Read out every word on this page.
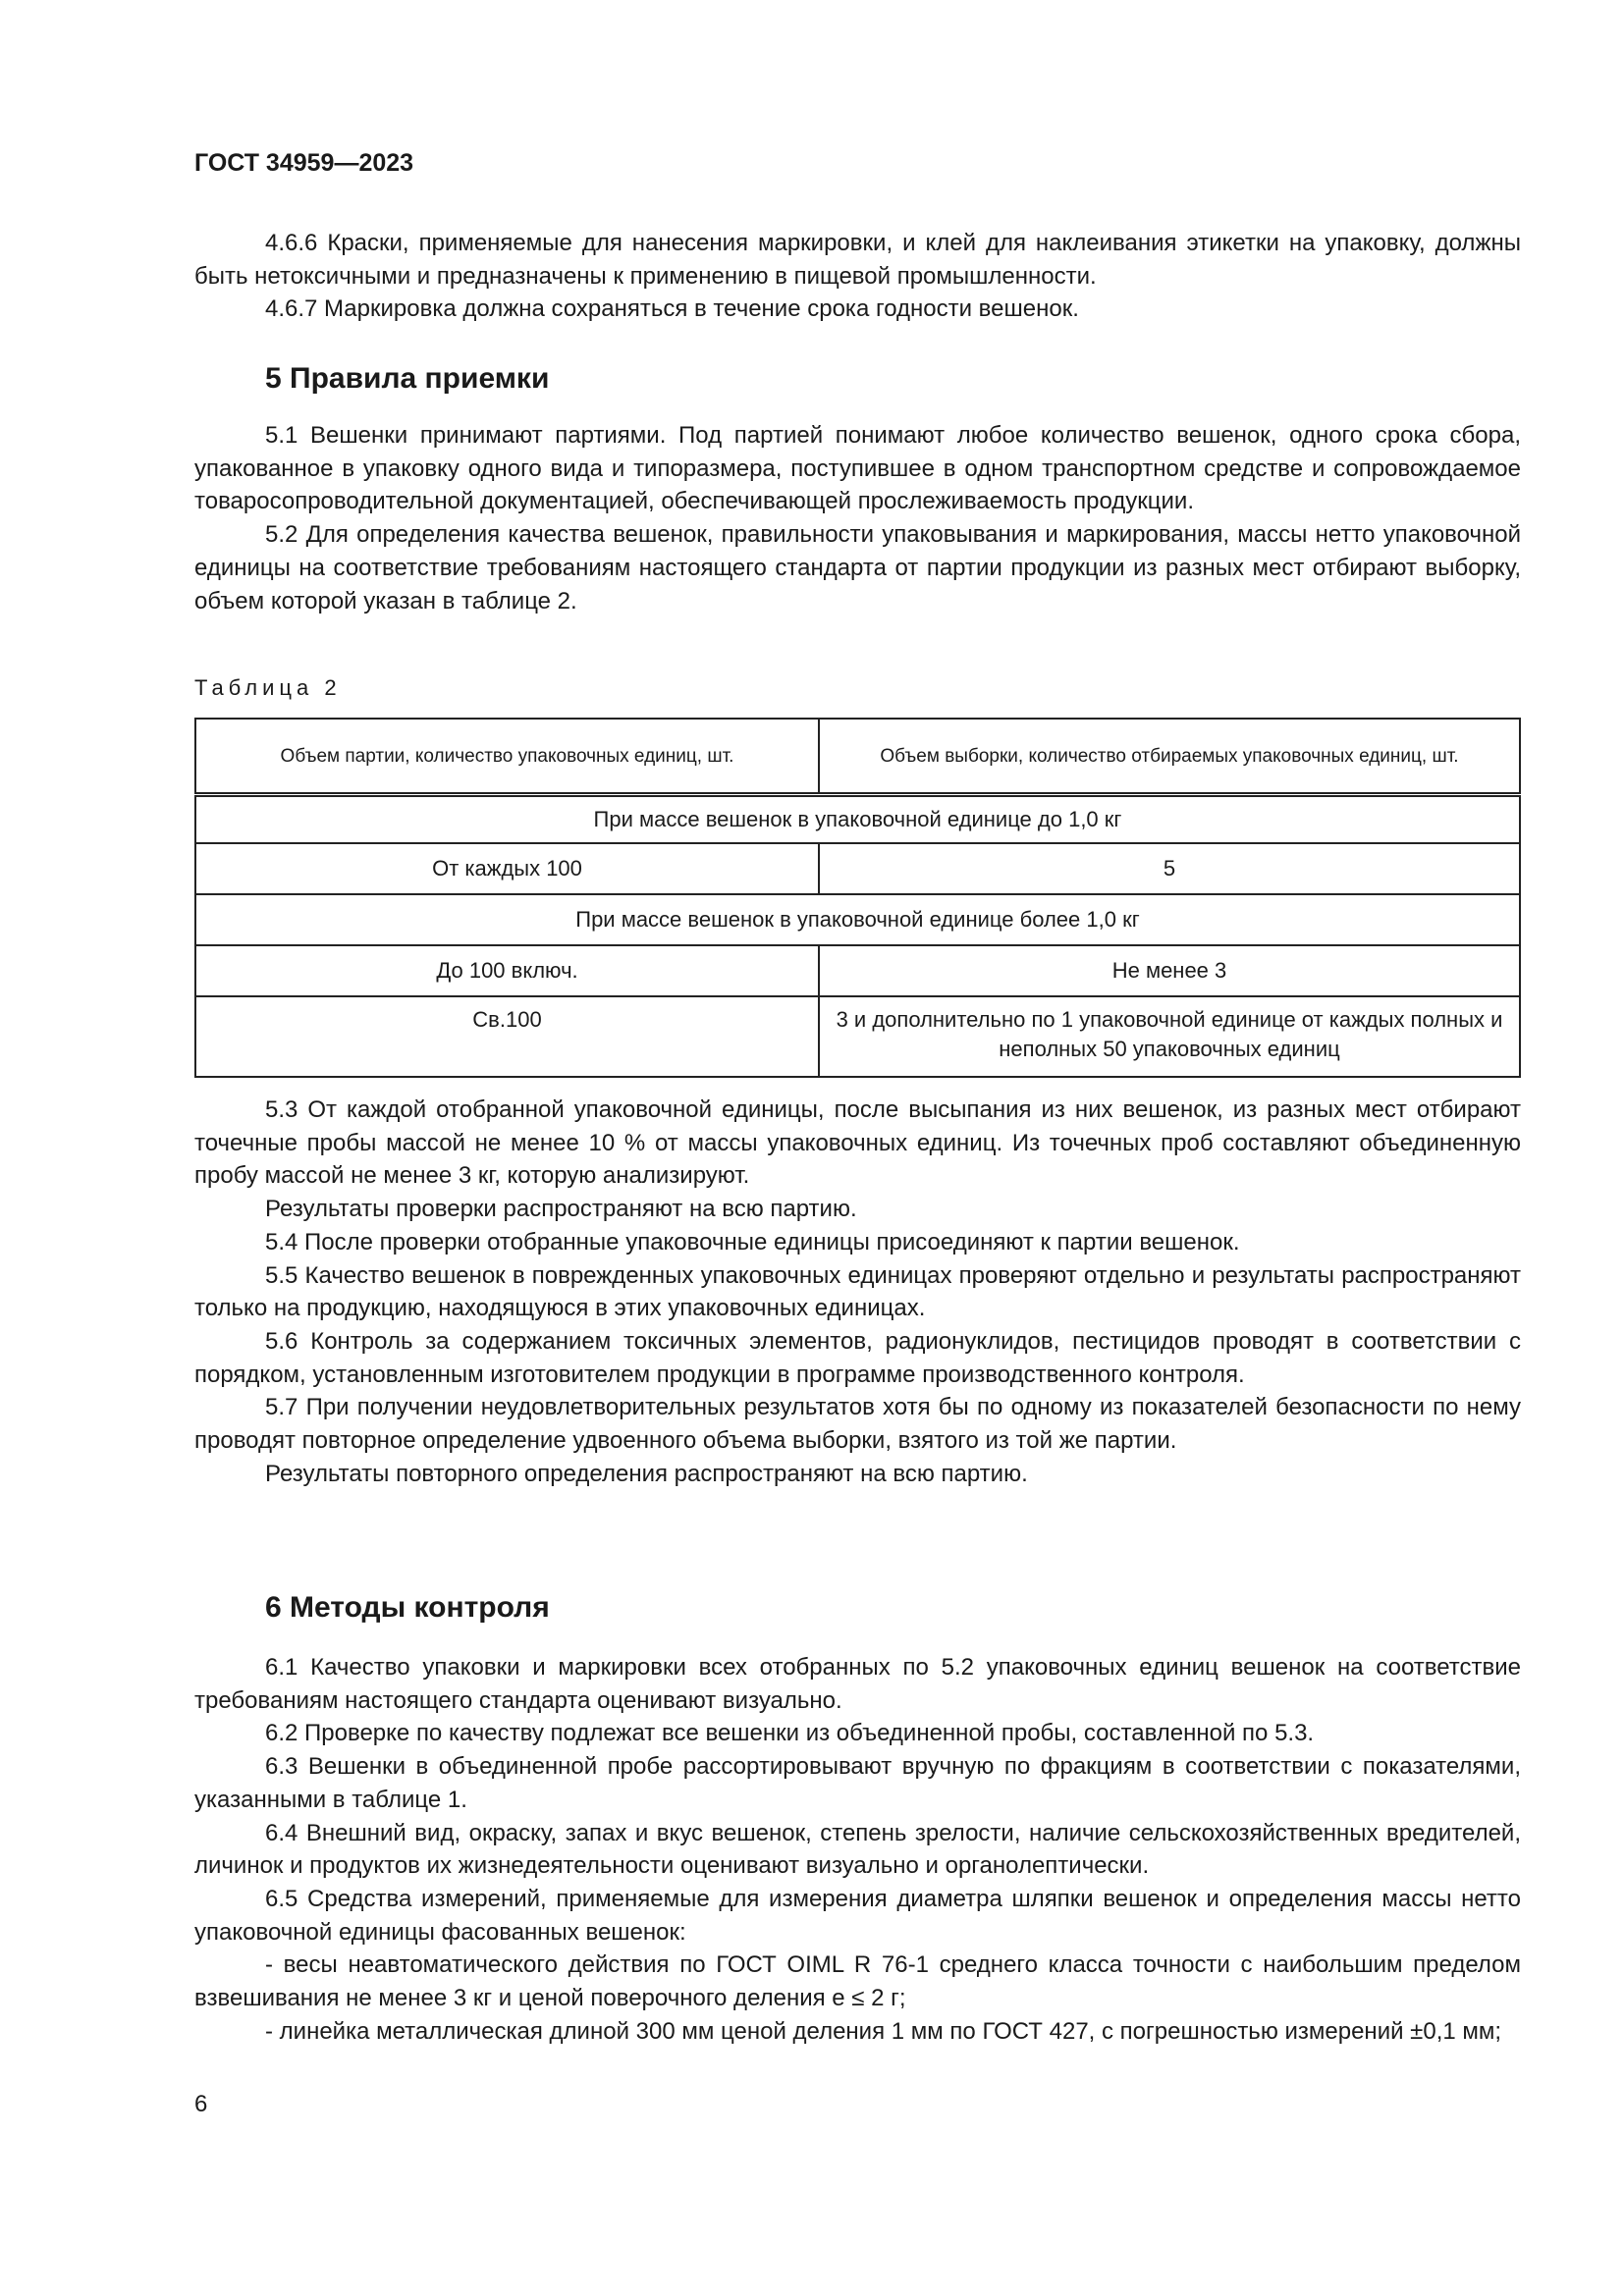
ГОСТ 34959—2023

4.6.6 Краски, применяемые для нанесения маркировки, и клей для наклеивания этикетки на упаковку, должны быть нетоксичными и предназначены к применению в пищевой промышленности.

4.6.7 Маркировка должна сохраняться в течение срока годности вешенок.

5 Правила приемки

5.1 Вешенки принимают партиями. Под партией понимают любое количество вешенок, одного срока сбора, упакованное в упаковку одного вида и типоразмера, поступившее в одном транспортном средстве и сопровождаемое товаросопроводительной документацией, обеспечивающей прослеживаемость продукции.

5.2 Для определения качества вешенок, правильности упаковывания и маркирования, массы нетто упаковочной единицы на соответствие требованиям настоящего стандарта от партии продукции из разных мест отбирают выборку, объем которой указан в таблице 2.

Таблица 2
Объем партии, количество упаковочных единиц, шт.	Объем выборки, количество отбираемых упаковочных единиц, шт.
При массе вешенок в упаковочной единице до 1,0 кг	
От каждых 100	5
При массе вешенок в упаковочной единице более 1,0 кг	
До 100 включ.	Не менее 3
Св.100	3 и дополнительно по 1 упаковочной единице от каждых полных и неполных 50 упаковочных единиц

5.3 От каждой отобранной упаковочной единицы, после высыпания из них вешенок, из разных мест отбирают точечные пробы массой не менее 10 % от массы упаковочных единиц. Из точечных проб составляют объединенную пробу массой не менее 3 кг, которую анализируют.

Результаты проверки распространяют на всю партию.

5.4 После проверки отобранные упаковочные единицы присоединяют к партии вешенок.

5.5 Качество вешенок в поврежденных упаковочных единицах проверяют отдельно и результаты распространяют только на продукцию, находящуюся в этих упаковочных единицах.

5.6 Контроль за содержанием токсичных элементов, радионуклидов, пестицидов проводят в соответствии с порядком, установленным изготовителем продукции в программе производственного контроля.

5.7 При получении неудовлетворительных результатов хотя бы по одному из показателей безопасности по нему проводят повторное определение удвоенного объема выборки, взятого из той же партии.

Результаты повторного определения распространяют на всю партию.

6 Методы контроля

6.1 Качество упаковки и маркировки всех отобранных по 5.2 упаковочных единиц вешенок на соответствие требованиям настоящего стандарта оценивают визуально.

6.2 Проверке по качеству подлежат все вешенки из объединенной пробы, составленной по 5.3.

6.3 Вешенки в объединенной пробе рассортировывают вручную по фракциям в соответствии с показателями, указанными в таблице 1.

6.4 Внешний вид, окраску, запах и вкус вешенок, степень зрелости, наличие сельскохозяйственных вредителей, личинок и продуктов их жизнедеятельности оценивают визуально и органолептически.

6.5 Средства измерений, применяемые для измерения диаметра шляпки вешенок и определения массы нетто упаковочной единицы фасованных вешенок:

- весы неавтоматического действия по ГОСТ OIML R 76-1 среднего класса точности с наибольшим пределом взвешивания не менее 3 кг и ценой поверочного деления e ≤ 2 г;

- линейка металлическая длиной 300 мм ценой деления 1 мм по ГОСТ 427, с погрешностью измерений ±0,1 мм;

6
